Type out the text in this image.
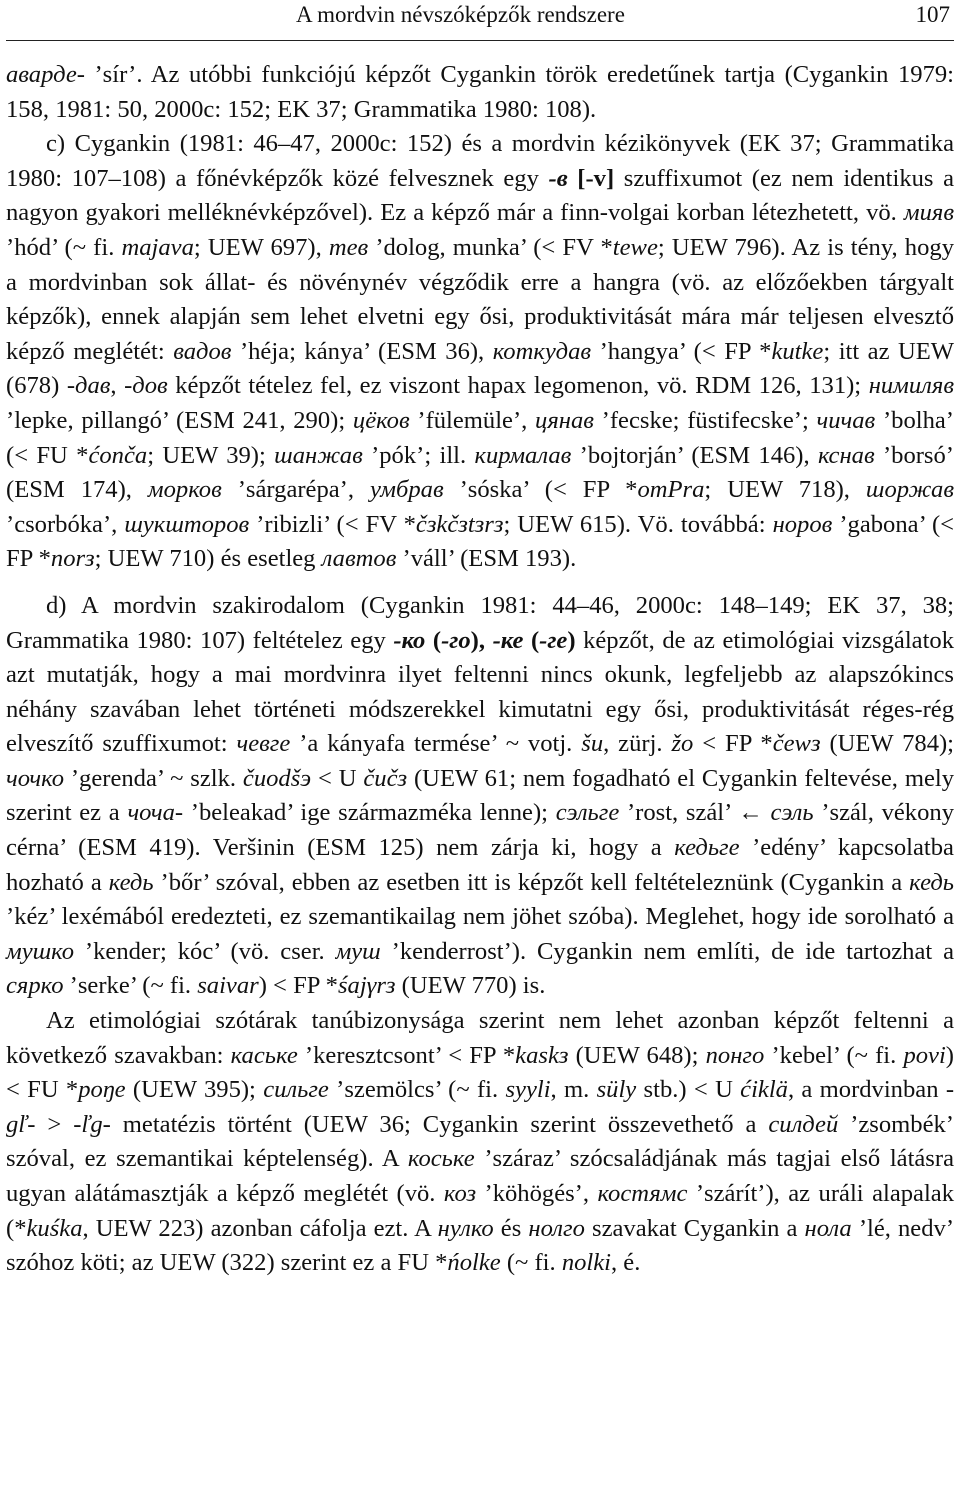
A mordvin névszóképzők rendszere	107

аварде- ’sír’. Az utóbbi funkciójú képzőt Cygankin török eredetűnek tartja (Cygankin 1979: 158, 1981: 50, 2000c: 152; EK 37; Grammatika 1980: 108).

c) Cygankin (1981: 46–47, 2000c: 152) és a mordvin kézikönyvek (EK 37; Grammatika 1980: 107–108) a főnévképzők közé felvesznek egy -в [-v] szuffixumot (ez nem identikus a nagyon gyakori melléknévképzővel). Ez a képző már a finn-volgai korban létezhetett, vö. мияв ’hód’ (~ fi. majava; UEW 697), тев ’dolog, munka’ (< FV *tewe; UEW 796). Az is tény, hogy a mordvinban sok állat- és növénynév végződik erre a hangra (vö. az előzőekben tárgyalt képzők), ennek alapján sem lehet elvetni egy ősi, produktivitását mára már teljesen elvesztő képző meglétét: вадов ’héja; kánya’ (ESM 36), коткудав ’hangya’ (< FP *kutke; itt az UEW (678) -дав, -дов képzőt tételez fel, ez viszont hapax legomenon, vö. RDM 126, 131); нимиляв ’lepke, pillangó’ (ESM 241, 290); цёков ’fülemüle’, цянав ’fecske; füstifecske’; чичав ’bolha’ (< FU *ćonča; UEW 39); шанжав ’pók’; ill. кирмалав ’bojtorján’ (ESM 146), кснав ’borsó’ (ESM 174), морков ’sárgarépa’, умбрав ’sóska’ (< FP *omPra; UEW 718), шоржав ’csorbóka’, шукшторов ’ribizli’ (< FV *čзkčзtзrз; UEW 615). Vö. továbbá: норов ’gabona’ (< FP *norз; UEW 710) és esetleg лавтов ’váll’ (ESM 193).

d) A mordvin szakirodalom (Cygankin 1981: 44–46, 2000c: 148–149; EK 37, 38; Grammatika 1980: 107) feltételez egy -ко (-го), -ке (-ге) képzőt, de az etimológiai vizsgálatok azt mutatják, hogy a mai mordvinra ilyet feltenni nincs okunk, legfeljebb az alapszókincs néhány szavában lehet történeti módszerekkel kimutatni egy ősi, produktivitását réges-rég elveszítő szuffixumot: чевге ’a kányafa termése’ ~ votj. šu, zürj. žo < FP *čewз (UEW 784); чочко ’gerenda’ ~ szlk. čиodšэ < U čučз (UEW 61; nem fogadható el Cygankin feltevése, mely szerint ez a чоча- ’beleakad’ ige származméka lenne); сэльге ’rost, szál’ ← сэль ’szál, vékony cérna’ (ESM 419). Veršinin (ESM 125) nem zárja ki, hogy a кедьге ’edény’ kapcsolatba hozható a кедь ’bőr’ szóval, ebben az esetben itt is képzőt kell feltételeznünk (Cygankin a кедь ’kéz’ lexémából eredezteti, ez szemantikailag nem jöhet szóba). Meglehet, hogy ide sorolható a мушко ’kender; kóc’ (vö. cser. муш ’kenderrost’). Cygankin nem említi, de ide tartozhat a сярко ’serke’ (~ fi. saivar) < FP *śajγrз (UEW 770) is.

Az etimológiai szótárak tanúbizonysága szerint nem lehet azonban képzőt feltenni a következő szavakban: каське ’keresztcsont’ < FP *kaskз (UEW 648); понго ’kebel’ (~ fi. povi) < FU *poŋe (UEW 395); сильге ’szemölcs’ (~ fi. syyli, m. süly stb.) < U ćiklä, a mordvinban -gľ- > -ľg- metatézis történt (UEW 36; Cygankin szerint összevethető a силдей ’zsombék’ szóval, ez szemantikai képtelenség). A коське ’száraz’ szócsaládjának más tagjai első látásra ugyan alátámasztják a képző meglétét (vö. коз ’köhögés’, костямс ’szárít’), az uráli alapalak (*kuśka, UEW 223) azonban cáfolja ezt. A нулко és нолго szavakat Cygankin a нола ’lé, nedv’ szóhoz köti; az UEW (322) szerint ez a FU *ńolke (~ fi. nolki, é.
